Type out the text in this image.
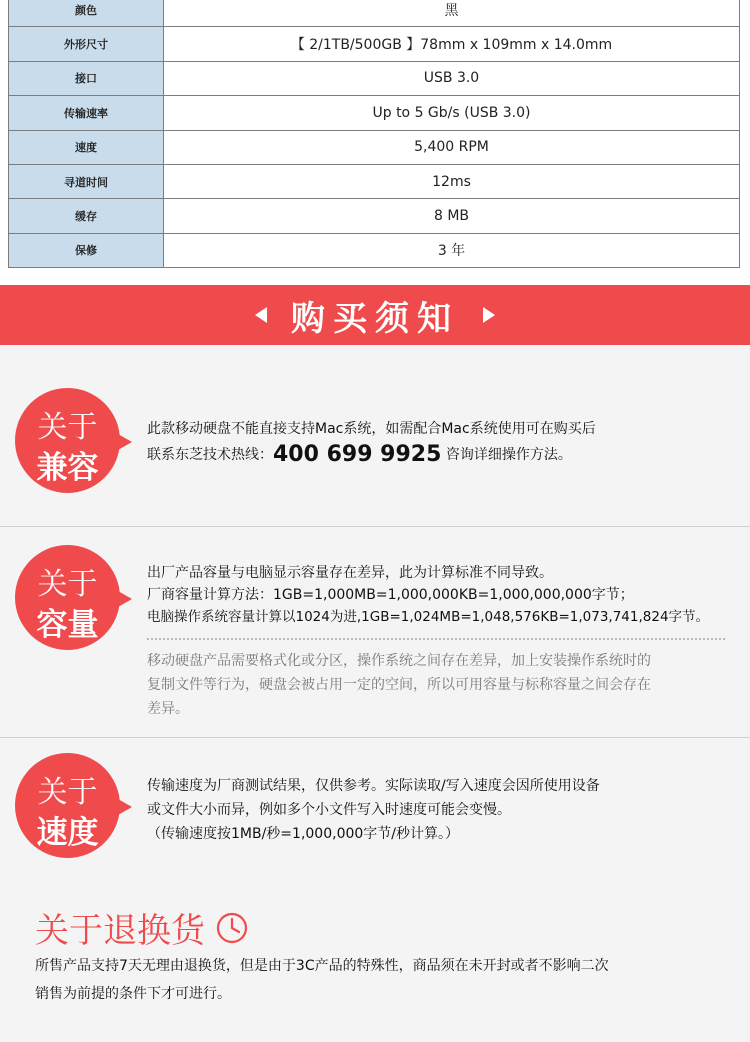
颜色	黑
外形尺寸	【 2/1TB/500GB 】78mm x 109mm x 14.0mm
接口	USB 3.0
传输速率	Up to 5 Gb/s (USB 3.0)
速度	5,400 RPM
寻道时间	12ms
缓存	8 MB
保修	3 年
购买须知
关于
兼容
此款移动硬盘不能直接支持Mac系统，如需配合Mac系统使用可在购买后
联系东芝技术热线：400 699 9925 咨询详细操作方法。
关于
容量
出厂产品容量与电脑显示容量存在差异，此为计算标准不同导致。
厂商容量计算方法：1GB=1,000MB=1,000,000KB=1,000,000,000字节；
电脑操作系统容量计算以1024为进,1GB=1,024MB=1,048,576KB=1,073,741,824字节。
移动硬盘产品需要格式化或分区，操作系统之间存在差异，加上安装操作系统时的
复制文件等行为，硬盘会被占用一定的空间，所以可用容量与标称容量之间会存在
差异。
关于
速度
传输速度为厂商测试结果，仅供参考。实际读取/写入速度会因所使用设备
或文件大小而异，例如多个小文件写入时速度可能会变慢。
（传输速度按1MB/秒=1,000,000字节/秒计算。）
关于退换货
所售产品支持7天无理由退换货，但是由于3C产品的特殊性，商品须在未开封或者不影响二次
销售为前提的条件下才可进行。
